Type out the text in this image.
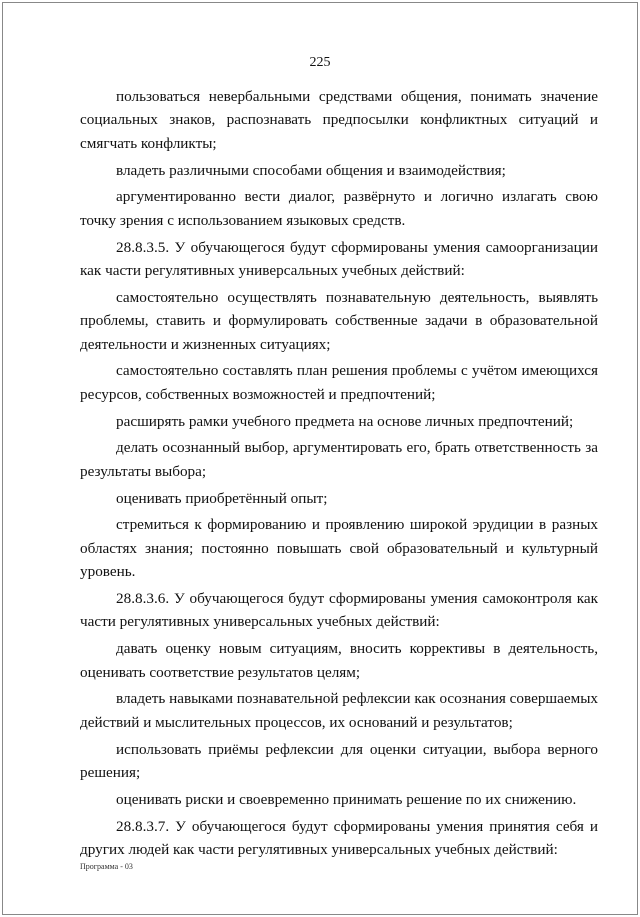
225

пользоваться невербальными средствами общения, понимать значение социальных знаков, распознавать предпосылки конфликтных ситуаций и смягчать конфликты;

владеть различными способами общения и взаимодействия;

аргументированно вести диалог, развёрнуто и логично излагать свою точку зрения с использованием языковых средств.

28.8.3.5. У обучающегося будут сформированы умения самоорганизации как части регулятивных универсальных учебных действий:

самостоятельно осуществлять познавательную деятельность, выявлять проблемы, ставить и формулировать собственные задачи в образовательной деятельности и жизненных ситуациях;

самостоятельно составлять план решения проблемы с учётом имеющихся ресурсов, собственных возможностей и предпочтений;

расширять рамки учебного предмета на основе личных предпочтений;

делать осознанный выбор, аргументировать его, брать ответственность за результаты выбора;

оценивать приобретённый опыт;

стремиться к формированию и проявлению широкой эрудиции в разных областях знания; постоянно повышать свой образовательный и культурный уровень.

28.8.3.6. У обучающегося будут сформированы умения самоконтроля как части регулятивных универсальных учебных действий:

давать оценку новым ситуациям, вносить коррективы в деятельность, оценивать соответствие результатов целям;

владеть навыками познавательной рефлексии как осознания совершаемых действий и мыслительных процессов, их оснований и результатов;

использовать приёмы рефлексии для оценки ситуации, выбора верного решения;

оценивать риски и своевременно принимать решение по их снижению.

28.8.3.7. У обучающегося будут сформированы умения принятия себя и других людей как части регулятивных универсальных учебных действий:

Программа - 03
